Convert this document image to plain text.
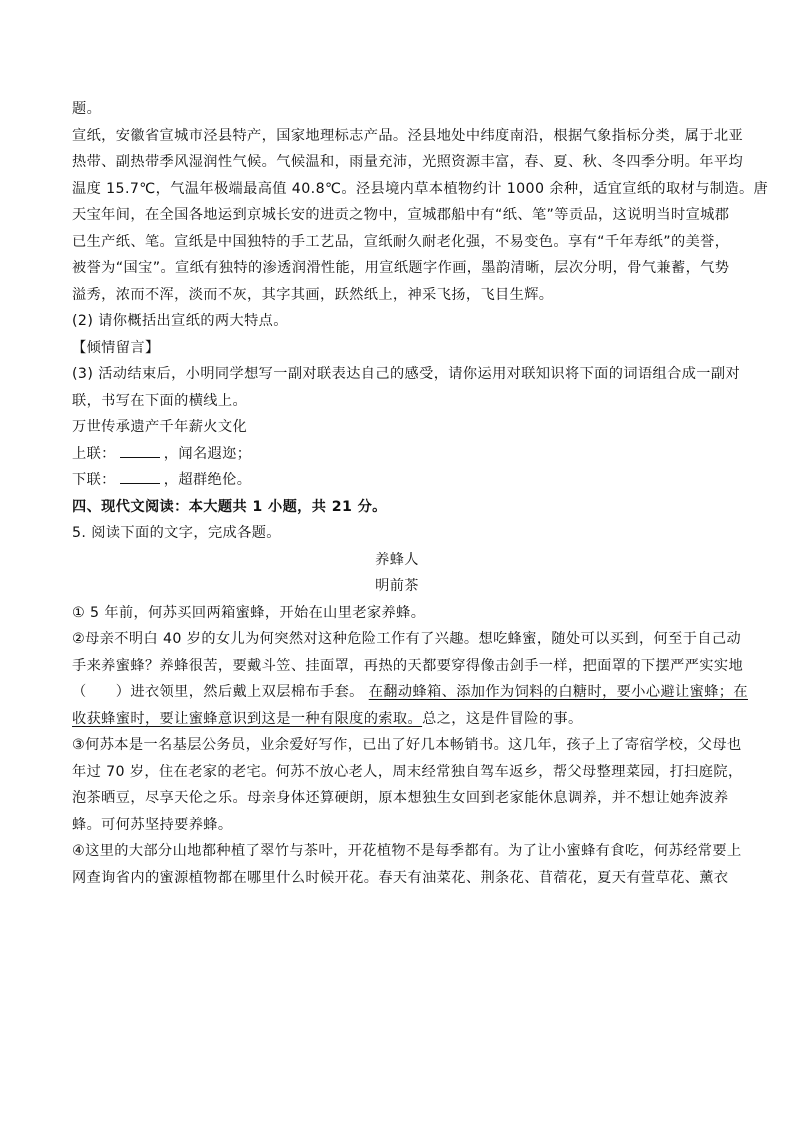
题。

宣纸，安徽省宣城市泾县特产，国家地理标志产品。泾县地处中纬度南沿，根据气象指标分类，属于北亚

热带、副热带季风湿润性气候。气候温和，雨量充沛，光照资源丰富，春、夏、秋、冬四季分明。年平均

温度 15.7℃，气温年极端最高值 40.8℃。泾县境内草本植物约计 1000 余种，适宜宣纸的取材与制造。唐

天宝年间，在全国各地运到京城长安的进贡之物中，宣城郡船中有“纸、笔”等贡品，这说明当时宣城郡

已生产纸、笔。宣纸是中国独特的手工艺品，宣纸耐久耐老化强，不易变色。享有“千年寿纸”的美誉，

被誉为“国宝”。宣纸有独特的渗透润滑性能，用宣纸题字作画，墨韵清晰，层次分明，骨气兼蓄，气势

溢秀，浓而不浑，淡而不灰，其字其画，跃然纸上，神采飞扬，飞目生辉。

(2) 请你概括出宣纸的两大特点。

【倾情留言】

(3) 活动结束后，小明同学想写一副对联表达自己的感受，请你运用对联知识将下面的词语组合成一副对

联，书写在下面的横线上。

万世传承遗产千年薪火文化

上联：	，闻名遐迩；

下联：	，超群绝伦。

四、现代文阅读：本大题共 1 小题，共 21 分。

5. 阅读下面的文字，完成各题。

养蜂人

明前茶

① 5 年前，何苏买回两箱蜜蜂，开始在山里老家养蜂。

②母亲不明白 40 岁的女儿为何突然对这种危险工作有了兴趣。想吃蜂蜜，随处可以买到，何至于自己动

手来养蜜蜂？养蜂很苦，要戴斗笠、挂面罩，再热的天都要穿得像击剑手一样，把面罩的下摆严严实实地

（　　）进衣领里，然后戴上双层棉布手套。 在翻动蜂箱、添加作为饲料的白糖时，要小心避让蜜蜂；在

收获蜂蜜时，要让蜜蜂意识到这是一种有限度的索取。总之，这是件冒险的事。

③何苏本是一名基层公务员，业余爱好写作，已出了好几本畅销书。这几年，孩子上了寄宿学校，父母也

年过 70 岁，住在老家的老宅。何苏不放心老人，周末经常独自驾车返乡，帮父母整理菜园，打扫庭院，

泡茶晒豆，尽享天伦之乐。母亲身体还算硬朗，原本想独生女回到老家能休息调养，并不想让她奔波养

蜂。可何苏坚持要养蜂。

④这里的大部分山地都种植了翠竹与茶叶，开花植物不是每季都有。为了让小蜜蜂有食吃，何苏经常要上

网查询省内的蜜源植物都在哪里什么时候开花。春天有油菜花、荆条花、苜蓿花，夏天有萱草花、薰衣
